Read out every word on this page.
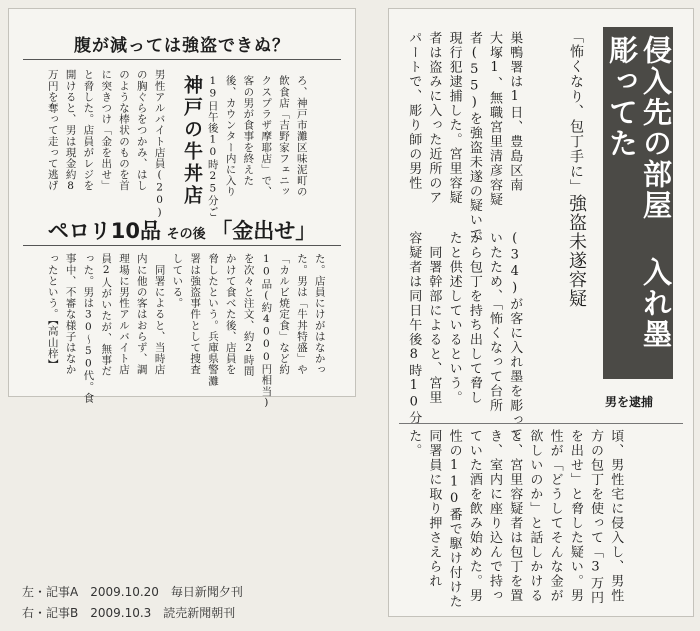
腹が減っては強盗できぬ？
ろ、神戸市灘区味泥町の
飲食店「吉野家フェニッ
クスプラザ摩耶店」で、
客の男が食事を終えた
後、カウンター内に入り
19日午後10時25分ご
神戸の牛丼店
男性アルバイト店員(20)
の胸ぐらをつかみ、はし
のような棒状のものを首
に突きつけ「金を出せ」
と脅した。店員がレジを
開けると、男は現金約8
万円を奪って走って逃げ
ペロリ10品 その後 「金出せ」
た。店員にけがはなかっ
た。男は「牛丼特盛」や
「カルビ焼定食」など約
10品(約4000円相当)
を次々と注文、約2時間
かけて食べた後、店員を
脅したという。兵庫県警灘
署は強盗事件として捜査
している。
　同署によると、当時店
内に他の客はおらず、調
理場に男性アルバイト店
員2人がいたが、無事だ
った。男は30〜50代。食
事中、不審な様子はなか
ったという。【高山梓】	侵入先の部屋 入れ墨彫ってた
「怖くなり、包丁手に」強盗未遂容疑
男を逮捕
巣鴨署は1日、豊島区南
大塚1、無職宮里清彦容疑
者(55)を強盗未遂の疑いで
現行犯逮捕した。宮里容疑
者は盗みに入った近所のア
パートで、彫り師の男性
(34)が客に入れ墨を彫って
いたため、「怖くなって台所
から包丁を持ち出して脅し
たと供述しているという。
　同署幹部によると、宮里
容疑者は同日午後8時10分
頃、男性宅に侵入し、男性
方の包丁を使って「3万円
を出せ」と脅した疑い。男
性が「どうしてそんな金が
欲しいのか」と話しかける
と、宮里容疑者は包丁を置
き、室内に座り込んで持っ
ていた酒を飲み始めた。男
性の110番で駆け付けた
同署員に取り押さえられ
た。
左・記事A　2009.10.20　毎日新聞夕刊
右・記事B　2009.10.3　読売新聞朝刊
